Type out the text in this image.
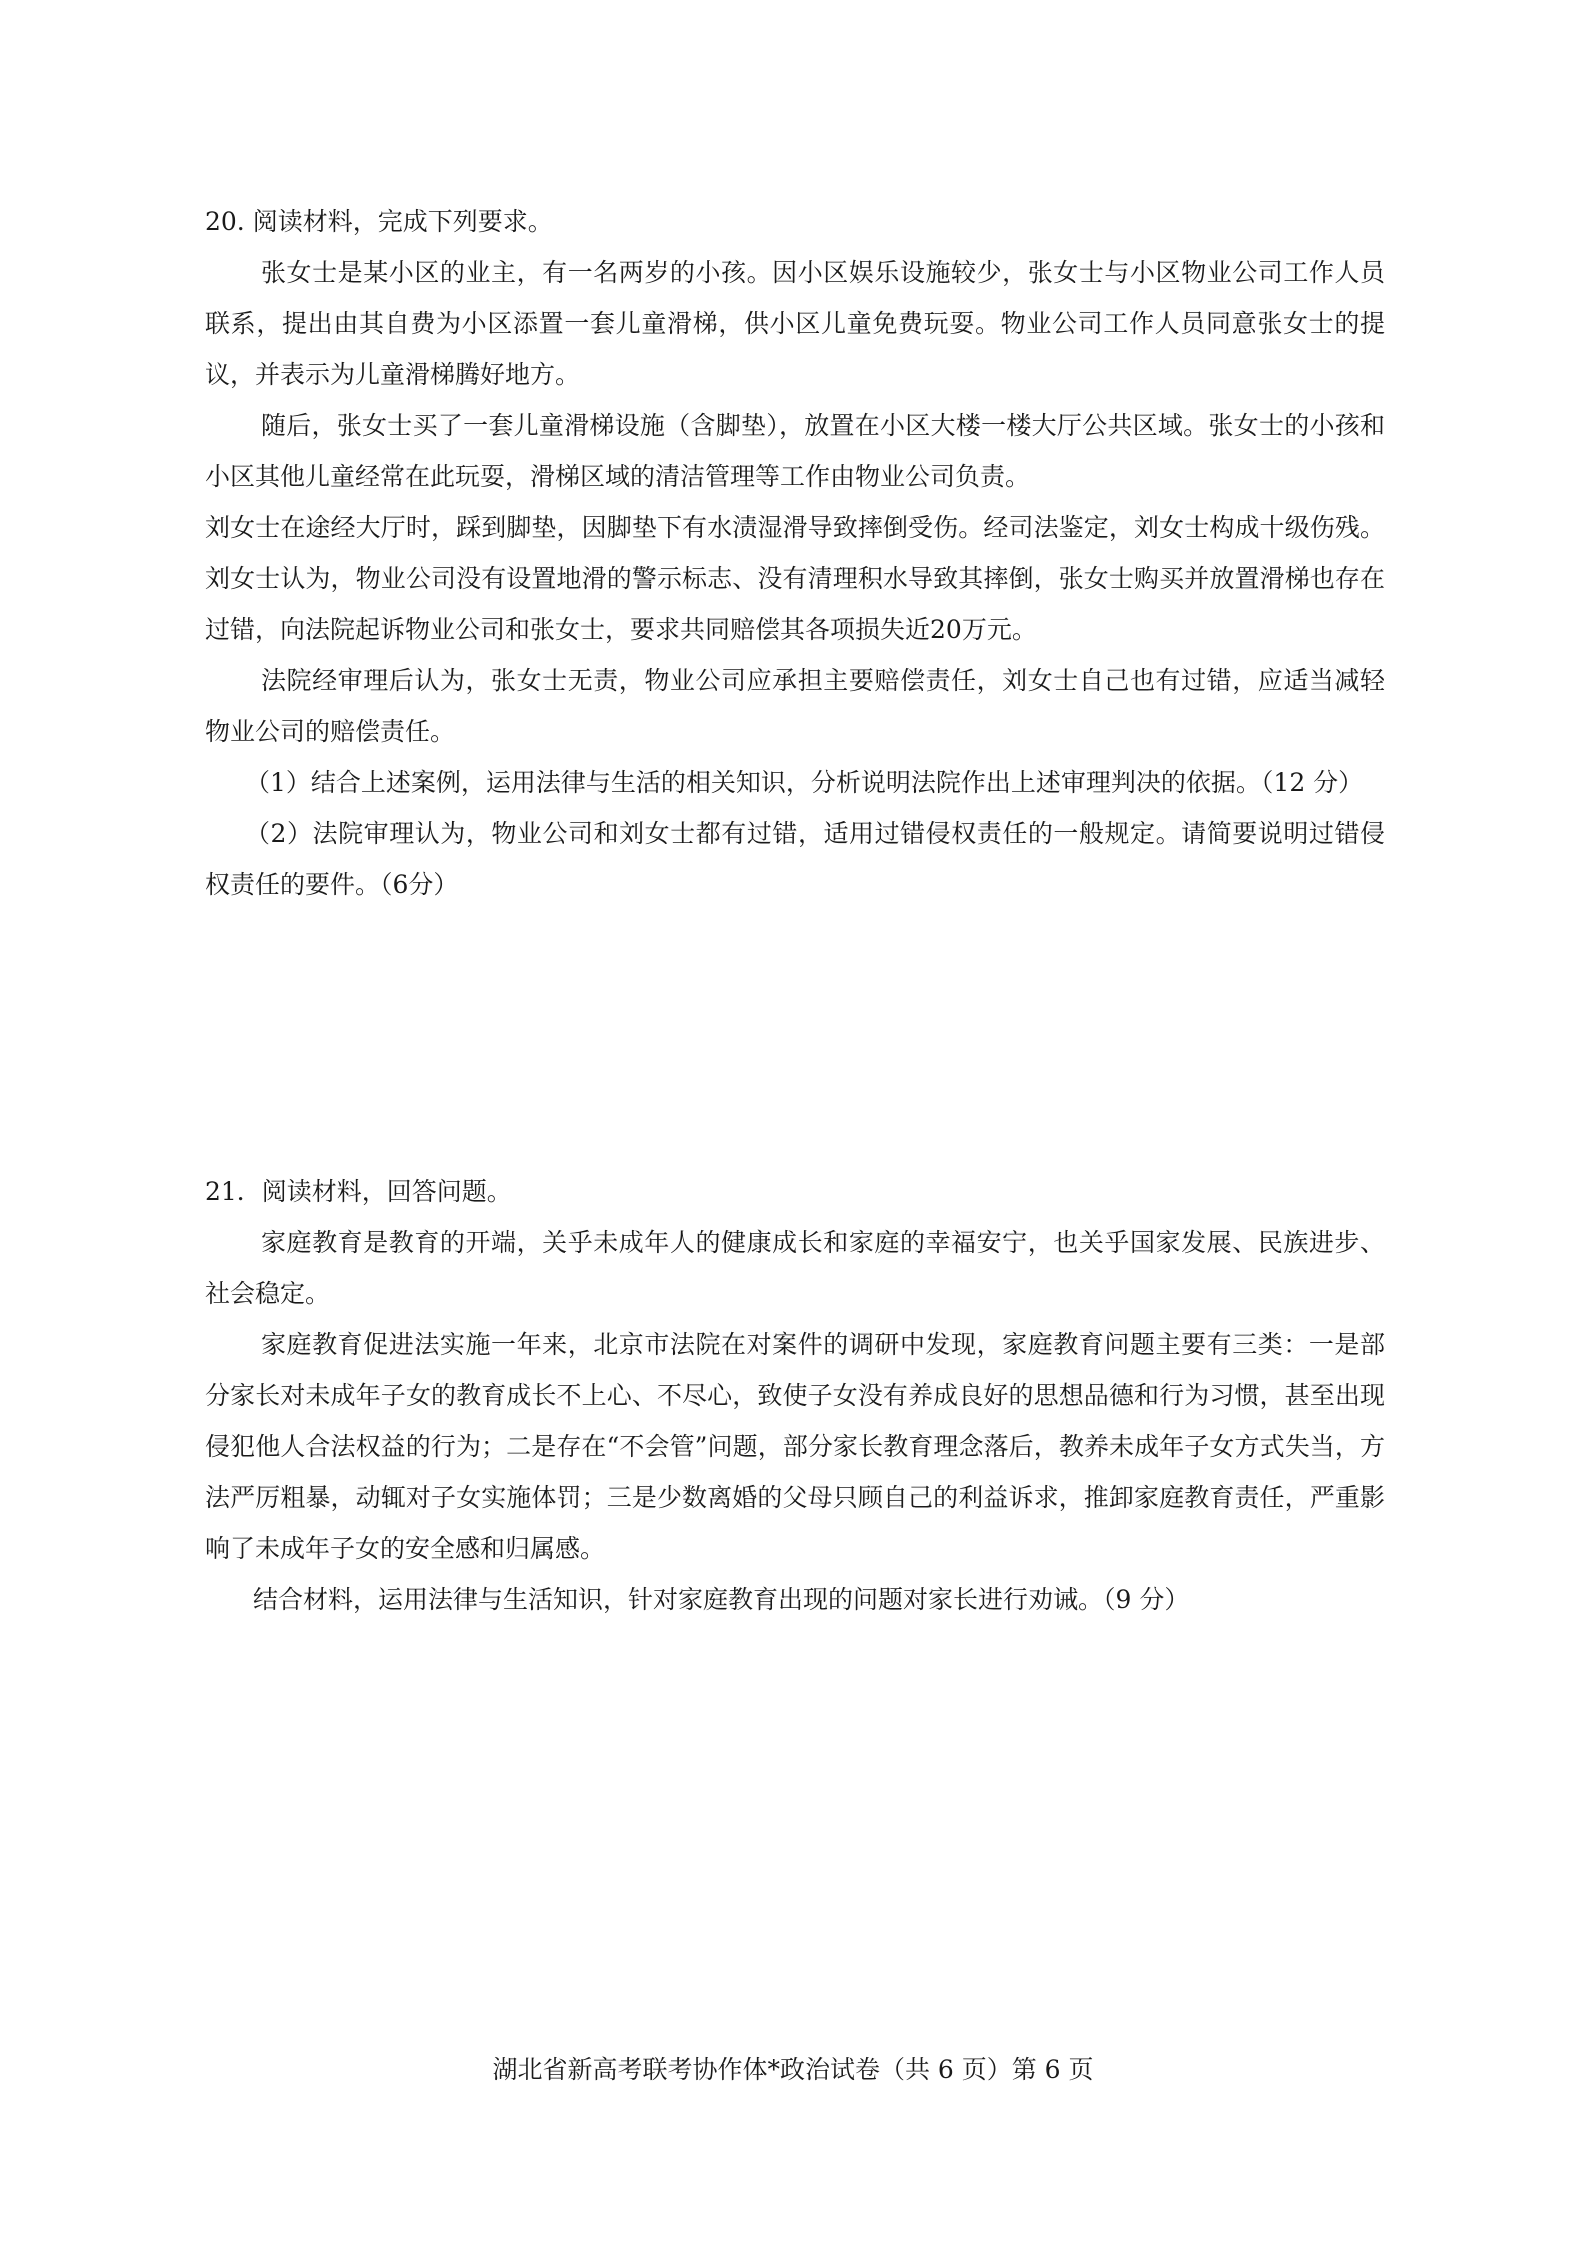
20. 阅读材料，完成下列要求。

张女士是某小区的业主，有一名两岁的小孩。因小区娱乐设施较少，张女士与小区物业公司工作人员联系，提出由其自费为小区添置一套儿童滑梯，供小区儿童免费玩耍。物业公司工作人员同意张女士的提议，并表示为儿童滑梯腾好地方。

随后，张女士买了一套儿童滑梯设施（含脚垫），放置在小区大楼一楼大厅公共区域。张女士的小孩和小区其他儿童经常在此玩耍，滑梯区域的清洁管理等工作由物业公司负责。

刘女士在途经大厅时，踩到脚垫，因脚垫下有水渍湿滑导致摔倒受伤。经司法鉴定，刘女士构成十级伤残。刘女士认为，物业公司没有设置地滑的警示标志、没有清理积水导致其摔倒，张女士购买并放置滑梯也存在过错，向法院起诉物业公司和张女士，要求共同赔偿其各项损失近20万元。

法院经审理后认为，张女士无责，物业公司应承担主要赔偿责任，刘女士自己也有过错，应适当减轻物业公司的赔偿责任。

（1）结合上述案例，运用法律与生活的相关知识，分析说明法院作出上述审理判决的依据。（12 分）

（2）法院审理认为，物业公司和刘女士都有过错，适用过错侵权责任的一般规定。请简要说明过错侵权责任的要件。（6分）

21．阅读材料，回答问题。

家庭教育是教育的开端，关乎未成年人的健康成长和家庭的幸福安宁，也关乎国家发展、民族进步、社会稳定。

家庭教育促进法实施一年来，北京市法院在对案件的调研中发现，家庭教育问题主要有三类：一是部分家长对未成年子女的教育成长不上心、不尽心，致使子女没有养成良好的思想品德和行为习惯，甚至出现侵犯他人合法权益的行为；二是存在“不会管”问题，部分家长教育理念落后，教养未成年子女方式失当，方法严厉粗暴，动辄对子女实施体罚；三是少数离婚的父母只顾自己的利益诉求，推卸家庭教育责任，严重影响了未成年子女的安全感和归属感。

结合材料，运用法律与生活知识，针对家庭教育出现的问题对家长进行劝诫。（9 分）

湖北省新高考联考协作体*政治试卷（共 6 页）第 6 页
